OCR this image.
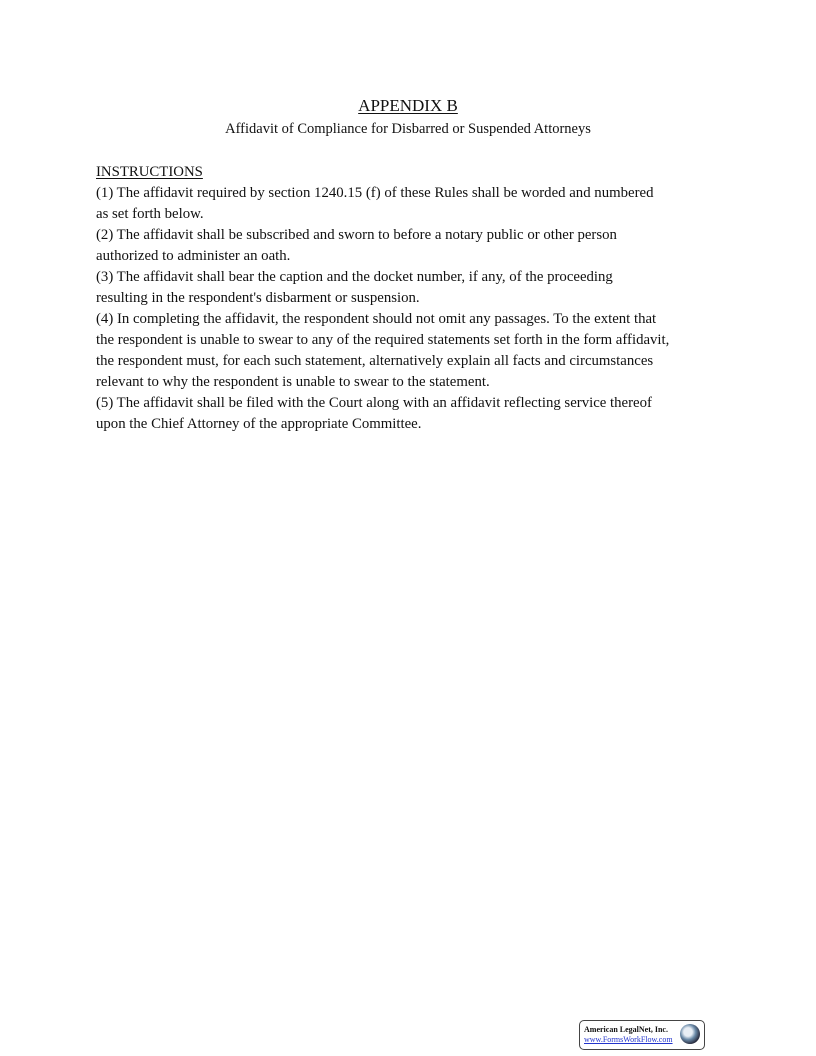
APPENDIX B
Affidavit of Compliance for Disbarred or Suspended Attorneys
INSTRUCTIONS
(1) The affidavit required by section 1240.15 (f) of these Rules shall be worded and numbered
as set forth below.
(2) The affidavit shall be subscribed and sworn to before a notary public or other person
authorized to administer an oath.
(3) The affidavit shall bear the caption and the docket number, if any, of the proceeding
resulting in the respondent's disbarment or suspension.
(4) In completing the affidavit, the respondent should not omit any passages. To the extent that
the respondent is unable to swear to any of the required statements set forth in the form affidavit,
the respondent must, for each such statement, alternatively explain all facts and circumstances
relevant to why the respondent is unable to swear to the statement.
(5) The affidavit shall be filed with the Court along with an affidavit reflecting service thereof
upon the Chief Attorney of the appropriate Committee.
American LegalNet, Inc.
www.FormsWorkFlow.com
